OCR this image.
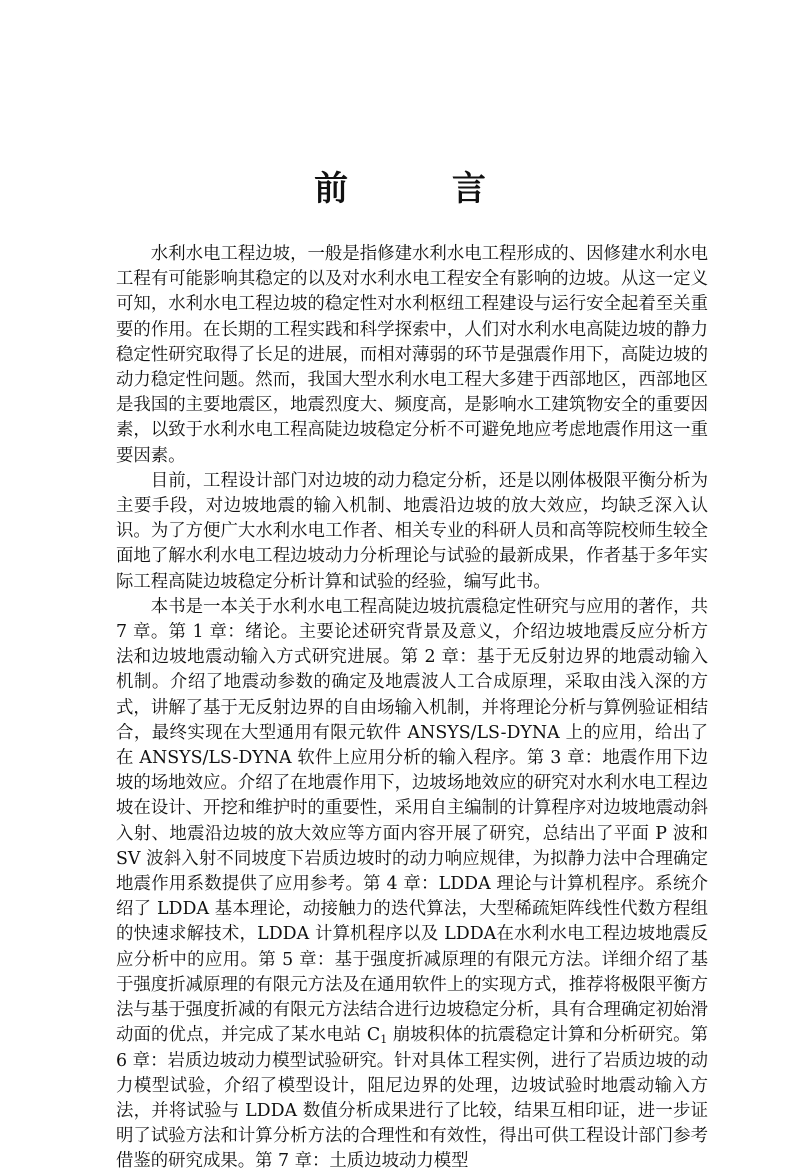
前 言

水利水电工程边坡，一般是指修建水利水电工程形成的、因修建水利水电工程有可能影响其稳定的以及对水利水电工程安全有影响的边坡。从这一定义可知，水利水电工程边坡的稳定性对水利枢纽工程建设与运行安全起着至关重要的作用。在长期的工程实践和科学探索中，人们对水利水电高陡边坡的静力稳定性研究取得了长足的进展，而相对薄弱的环节是强震作用下，高陡边坡的动力稳定性问题。然而，我国大型水利水电工程大多建于西部地区，西部地区是我国的主要地震区，地震烈度大、频度高，是影响水工建筑物安全的重要因素，以致于水利水电工程高陡边坡稳定分析不可避免地应考虑地震作用这一重要因素。

目前，工程设计部门对边坡的动力稳定分析，还是以刚体极限平衡分析为主要手段，对边坡地震的输入机制、地震沿边坡的放大效应，均缺乏深入认识。为了方便广大水利水电工作者、相关专业的科研人员和高等院校师生较全面地了解水利水电工程边坡动力分析理论与试验的最新成果，作者基于多年实际工程高陡边坡稳定分析计算和试验的经验，编写此书。

本书是一本关于水利水电工程高陡边坡抗震稳定性研究与应用的著作，共 7 章。第 1 章：绪论。主要论述研究背景及意义，介绍边坡地震反应分析方法和边坡地震动输入方式研究进展。第 2 章：基于无反射边界的地震动输入机制。介绍了地震动参数的确定及地震波人工合成原理，采取由浅入深的方式，讲解了基于无反射边界的自由场输入机制，并将理论分析与算例验证相结合，最终实现在大型通用有限元软件 ANSYS/LS-DYNA 上的应用，给出了在 ANSYS/LS-DYNA 软件上应用分析的输入程序。第 3 章：地震作用下边坡的场地效应。介绍了在地震作用下，边坡场地效应的研究对水利水电工程边坡在设计、开挖和维护时的重要性，采用自主编制的计算程序对边坡地震动斜入射、地震沿边坡的放大效应等方面内容开展了研究，总结出了平面 P 波和 SV 波斜入射不同坡度下岩质边坡时的动力响应规律，为拟静力法中合理确定地震作用系数提供了应用参考。第 4 章：LDDA 理论与计算机程序。系统介绍了 LDDA 基本理论，动接触力的迭代算法，大型稀疏矩阵线性代数方程组的快速求解技术，LDDA 计算机程序以及 LDDA在水利水电工程边坡地震反应分析中的应用。第 5 章：基于强度折减原理的有限元方法。详细介绍了基于强度折减原理的有限元方法及在通用软件上的实现方式，推荐将极限平衡方法与基于强度折减的有限元方法结合进行边坡稳定分析，具有合理确定初始滑动面的优点，并完成了某水电站 $C_1$ 崩坡积体的抗震稳定计算和分析研究。第 6 章：岩质边坡动力模型试验研究。针对具体工程实例，进行了岩质边坡的动力模型试验，介绍了模型设计，阻尼边界的处理，边坡试验时地震动输入方法，并将试验与 LDDA 数值分析成果进行了比较，结果互相印证，进一步证明了试验方法和计算分析方法的合理性和有效性，得出可供工程设计部门参考借鉴的研究成果。第 7 章：土质边坡动力模型
